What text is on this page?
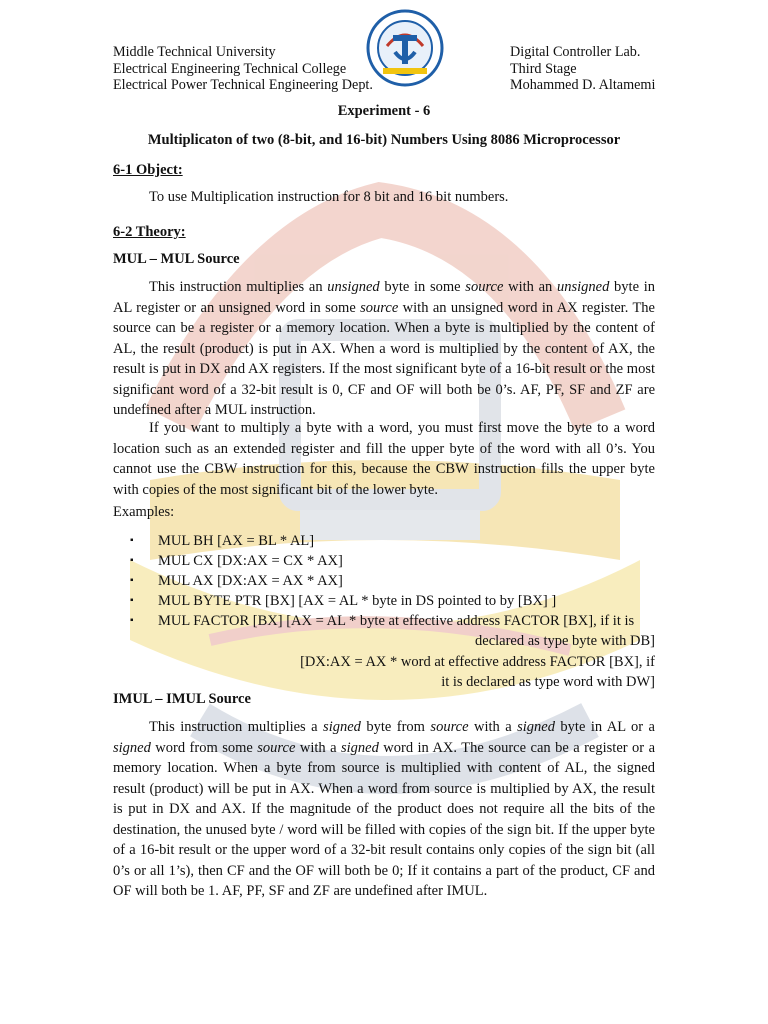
Middle Technical University
Electrical Engineering Technical College
Electrical Power Technical Engineering Dept.
Digital Controller Lab.
Third Stage
Mohammed D. Altamemi
Experiment - 6
Multiplicaton of two (8-bit, and 16-bit) Numbers Using 8086 Microprocessor
6-1 Object:
To use Multiplication instruction for 8 bit and 16 bit numbers.
6-2 Theory:
MUL – MUL Source

This instruction multiplies an unsigned byte in some source with an unsigned byte in AL register or an unsigned word in some source with an unsigned word in AX register. The source can be a register or a memory location. When a byte is multiplied by the content of AL, the result (product) is put in AX. When a word is multiplied by the content of AX, the result is put in DX and AX registers. If the most significant byte of a 16-bit result or the most significant word of a 32-bit result is 0, CF and OF will both be 0’s. AF, PF, SF and ZF are undefined after a MUL instruction.

If you want to multiply a byte with a word, you must first move the byte to a word location such as an extended register and fill the upper byte of the word with all 0’s. You cannot use the CBW instruction for this, because the CBW instruction fills the upper byte with copies of the most significant bit of the lower byte.

Examples:
▪ MUL BH [AX = BL * AL]
▪ MUL CX [DX:AX = CX * AX]
▪ MUL AX [DX:AX = AX * AX]
▪ MUL BYTE PTR [BX] [AX = AL * byte in DS pointed to by [BX] ]
▪ MUL FACTOR [BX] [AX = AL * byte at effective address FACTOR [BX], if it is
declared as type byte with DB]
[DX:AX = AX * word at effective address FACTOR [BX], if
it is declared as type word with DW]
IMUL – IMUL Source

This instruction multiplies a signed byte from source with a signed byte in AL or a signed word from some source with a signed word in AX. The source can be a register or a memory location. When a byte from source is multiplied with content of AL, the signed result (product) will be put in AX. When a word from source is multiplied by AX, the result is put in DX and AX. If the magnitude of the product does not require all the bits of the destination, the unused byte / word will be filled with copies of the sign bit. If the upper byte of a 16-bit result or the upper word of a 32-bit result contains only copies of the sign bit (all 0’s or all 1’s), then CF and the OF will both be 0; If it contains a part of the product, CF and OF will both be 1. AF, PF, SF and ZF are undefined after IMUL.
